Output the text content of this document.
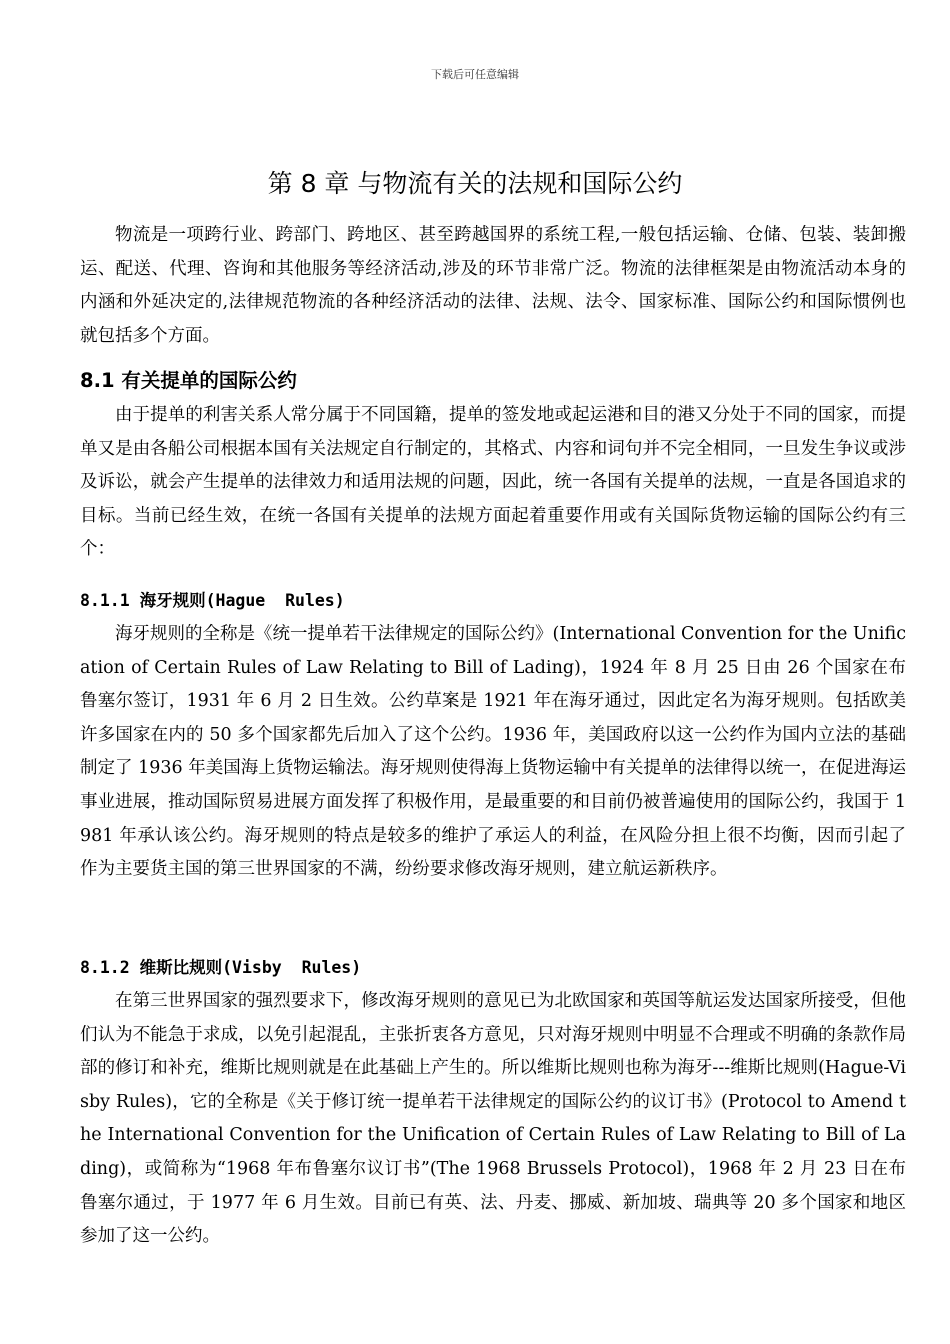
下载后可任意编辑
第 8 章 与物流有关的法规和国际公约

物流是一项跨行业、跨部门、跨地区、甚至跨越国界的系统工程,一般包括运输、仓储、包装、装卸搬运、配送、代理、咨询和其他服务等经济活动,涉及的环节非常广泛。物流的法律框架是由物流活动本身的内涵和外延决定的,法律规范物流的各种经济活动的法律、法规、法令、国家标准、国际公约和国际惯例也就包括多个方面。

8.1 有关提单的国际公约

由于提单的利害关系人常分属于不同国籍，提单的签发地或起运港和目的港又分处于不同的国家，而提单又是由各船公司根据本国有关法规定自行制定的，其格式、内容和词句并不完全相同，一旦发生争议或涉及诉讼，就会产生提单的法律效力和适用法规的问题，因此，统一各国有关提单的法规，一直是各国追求的目标。当前已经生效，在统一各国有关提单的法规方面起着重要作用或有关国际货物运输的国际公约有三个：

8.1.1 海牙规则(Hague  Rules)

海牙规则的全称是《统一提单若干法律规定的国际公约》(International Convention for the Unification of Certain Rules of Law Relating to Bill of Lading)，1924 年 8 月 25 日由 26 个国家在布鲁塞尔签订，1931 年 6 月 2 日生效。公约草案是 1921 年在海牙通过，因此定名为海牙规则。包括欧美许多国家在内的 50 多个国家都先后加入了这个公约。1936 年，美国政府以这一公约作为国内立法的基础制定了 1936 年美国海上货物运输法。海牙规则使得海上货物运输中有关提单的法律得以统一，在促进海运事业进展，推动国际贸易进展方面发挥了积极作用，是最重要的和目前仍被普遍使用的国际公约，我国于 1981 年承认该公约。海牙规则的特点是较多的维护了承运人的利益，在风险分担上很不均衡，因而引起了作为主要货主国的第三世界国家的不满，纷纷要求修改海牙规则，建立航运新秩序。

8.1.2 维斯比规则(Visby  Rules)

在第三世界国家的强烈要求下，修改海牙规则的意见已为北欧国家和英国等航运发达国家所接受，但他们认为不能急于求成，以免引起混乱，主张折衷各方意见，只对海牙规则中明显不合理或不明确的条款作局部的修订和补充，维斯比规则就是在此基础上产生的。所以维斯比规则也称为海牙---维斯比规则(Hague-Visby Rules)，它的全称是《关于修订统一提单若干法律规定的国际公约的议订书》(Protocol to Amend the International Convention for the Unification of Certain Rules of Law Relating to Bill of Lading)，或简称为“1968 年布鲁塞尔议订书”(The 1968 Brussels Protocol)，1968 年 2 月 23 日在布鲁塞尔通过，于 1977 年 6 月生效。目前已有英、法、丹麦、挪威、新加坡、瑞典等 20 多个国家和地区参加了这一公约。
